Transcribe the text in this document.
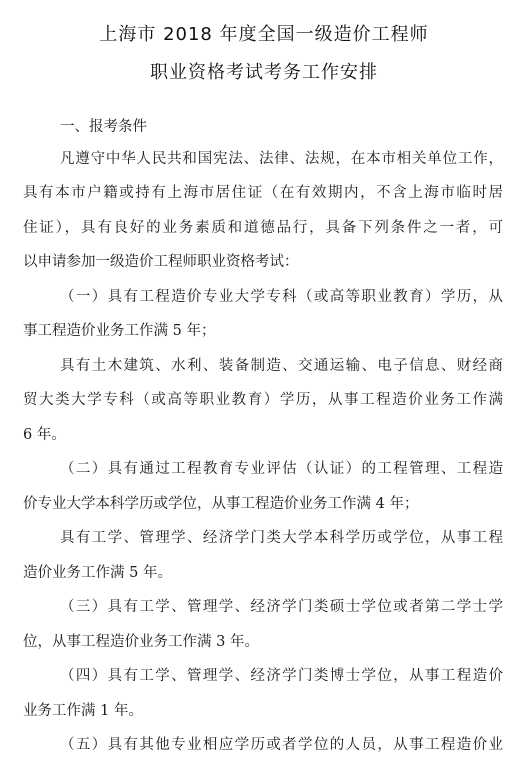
上海市 2018 年度全国一级造价工程师
职业资格考试考务工作安排
一、报考条件
凡遵守中华人民共和国宪法、法律、法规，在本市相关单位工作，
具有本市户籍或持有上海市居住证（在有效期内，不含上海市临时居
住证），具有良好的业务素质和道德品行，具备下列条件之一者，可
以申请参加一级造价工程师职业资格考试：
（一）具有工程造价专业大学专科（或高等职业教育）学历，从
事工程造价业务工作满 5 年；
具有土木建筑、水利、装备制造、交通运输、电子信息、财经商
贸大类大学专科（或高等职业教育）学历，从事工程造价业务工作满
6 年。
（二）具有通过工程教育专业评估（认证）的工程管理、工程造
价专业大学本科学历或学位，从事工程造价业务工作满 4 年；
具有工学、管理学、经济学门类大学本科学历或学位，从事工程
造价业务工作满 5 年。
（三）具有工学、管理学、经济学门类硕士学位或者第二学士学
位，从事工程造价业务工作满 3 年。
（四）具有工学、管理学、经济学门类博士学位，从事工程造价
业务工作满 1 年。
（五）具有其他专业相应学历或者学位的人员，从事工程造价业
